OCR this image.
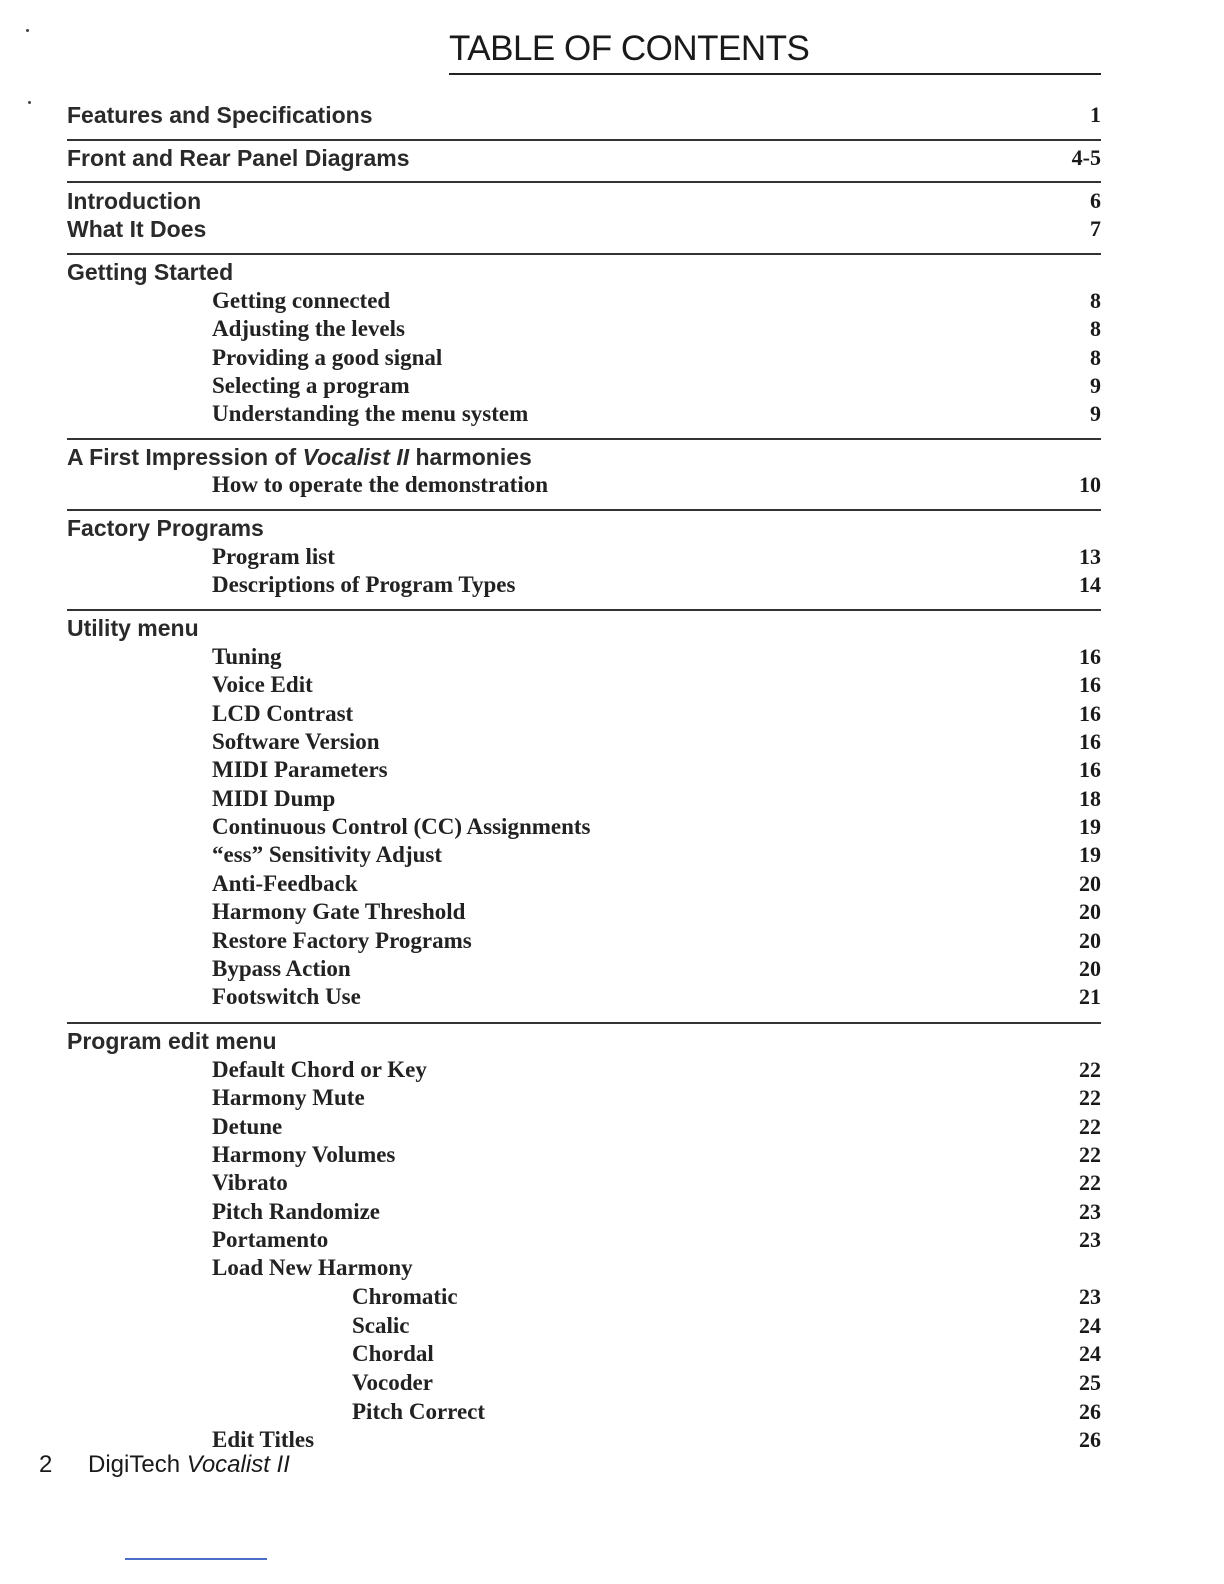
TABLE OF CONTENTS
Features and Specifications	1
Front and Rear Panel Diagrams	4-5
Introduction	6
What It Does	7
Getting Started
Getting connected	8
Adjusting the levels	8
Providing a good signal	8
Selecting a program	9
Understanding the menu system	9
A First Impression of Vocalist II harmonies
How to operate the demonstration	10
Factory Programs
Program list	13
Descriptions of Program Types	14
Utility menu
Tuning	16
Voice Edit	16
LCD Contrast	16
Software Version	16
MIDI Parameters	16
MIDI Dump	18
Continuous Control (CC) Assignments	19
“ess” Sensitivity Adjust	19
Anti-Feedback	20
Harmony Gate Threshold	20
Restore Factory Programs	20
Bypass Action	20
Footswitch Use	21
Program edit menu
Default Chord or Key	22
Harmony Mute	22
Detune	22
Harmony Volumes	22
Vibrato	22
Pitch Randomize	23
Portamento	23
Load New Harmony
Chromatic	23
Scalic	24
Chordal	24
Vocoder	25
Pitch Correct	26
Edit Titles	26
2 DigiTech Vocalist II
